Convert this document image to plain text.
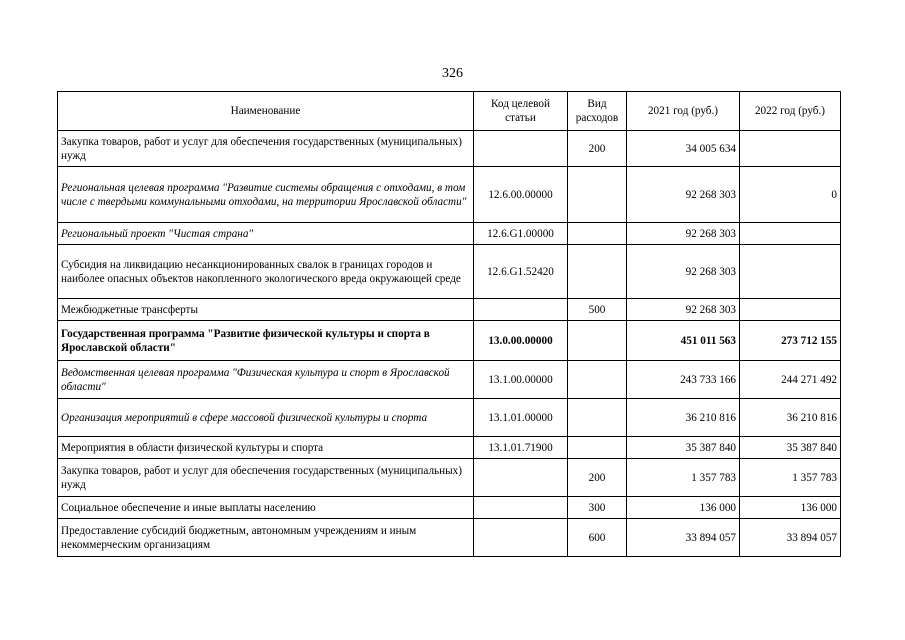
326
Наименование	Код целевой статьи	Вид расходов	2021 год (руб.)	2022 год (руб.)
Закупка товаров, работ и услуг для обеспечения государственных (муниципальных) нужд		200	34 005 634	
Региональная целевая программа "Развитие системы обращения с отходами, в том числе с твердыми коммунальными отходами, на территории Ярославской области"	12.6.00.00000		92 268 303	0
Региональный проект "Чистая страна"	12.6.G1.00000		92 268 303	
Субсидия на ликвидацию несанкционированных свалок в границах городов и наиболее опасных объектов накопленного экологического вреда окружающей среде	12.6.G1.52420		92 268 303	
Межбюджетные трансферты		500	92 268 303	
Государственная программа "Развитие физической культуры и спорта в Ярославской области"	13.0.00.00000		451 011 563	273 712 155
Ведомственная целевая программа "Физическая культура и спорт в Ярославской области"	13.1.00.00000		243 733 166	244 271 492
Организация мероприятий в сфере массовой физической культуры и спорта	13.1.01.00000		36 210 816	36 210 816
Мероприятия в области физической культуры и спорта	13.1.01.71900		35 387 840	35 387 840
Закупка товаров, работ и услуг для обеспечения государственных (муниципальных) нужд		200	1 357 783	1 357 783
Социальное обеспечение и иные выплаты населению		300	136 000	136 000
Предоставление субсидий бюджетным, автономным учреждениям и иным некоммерческим организациям		600	33 894 057	33 894 057
